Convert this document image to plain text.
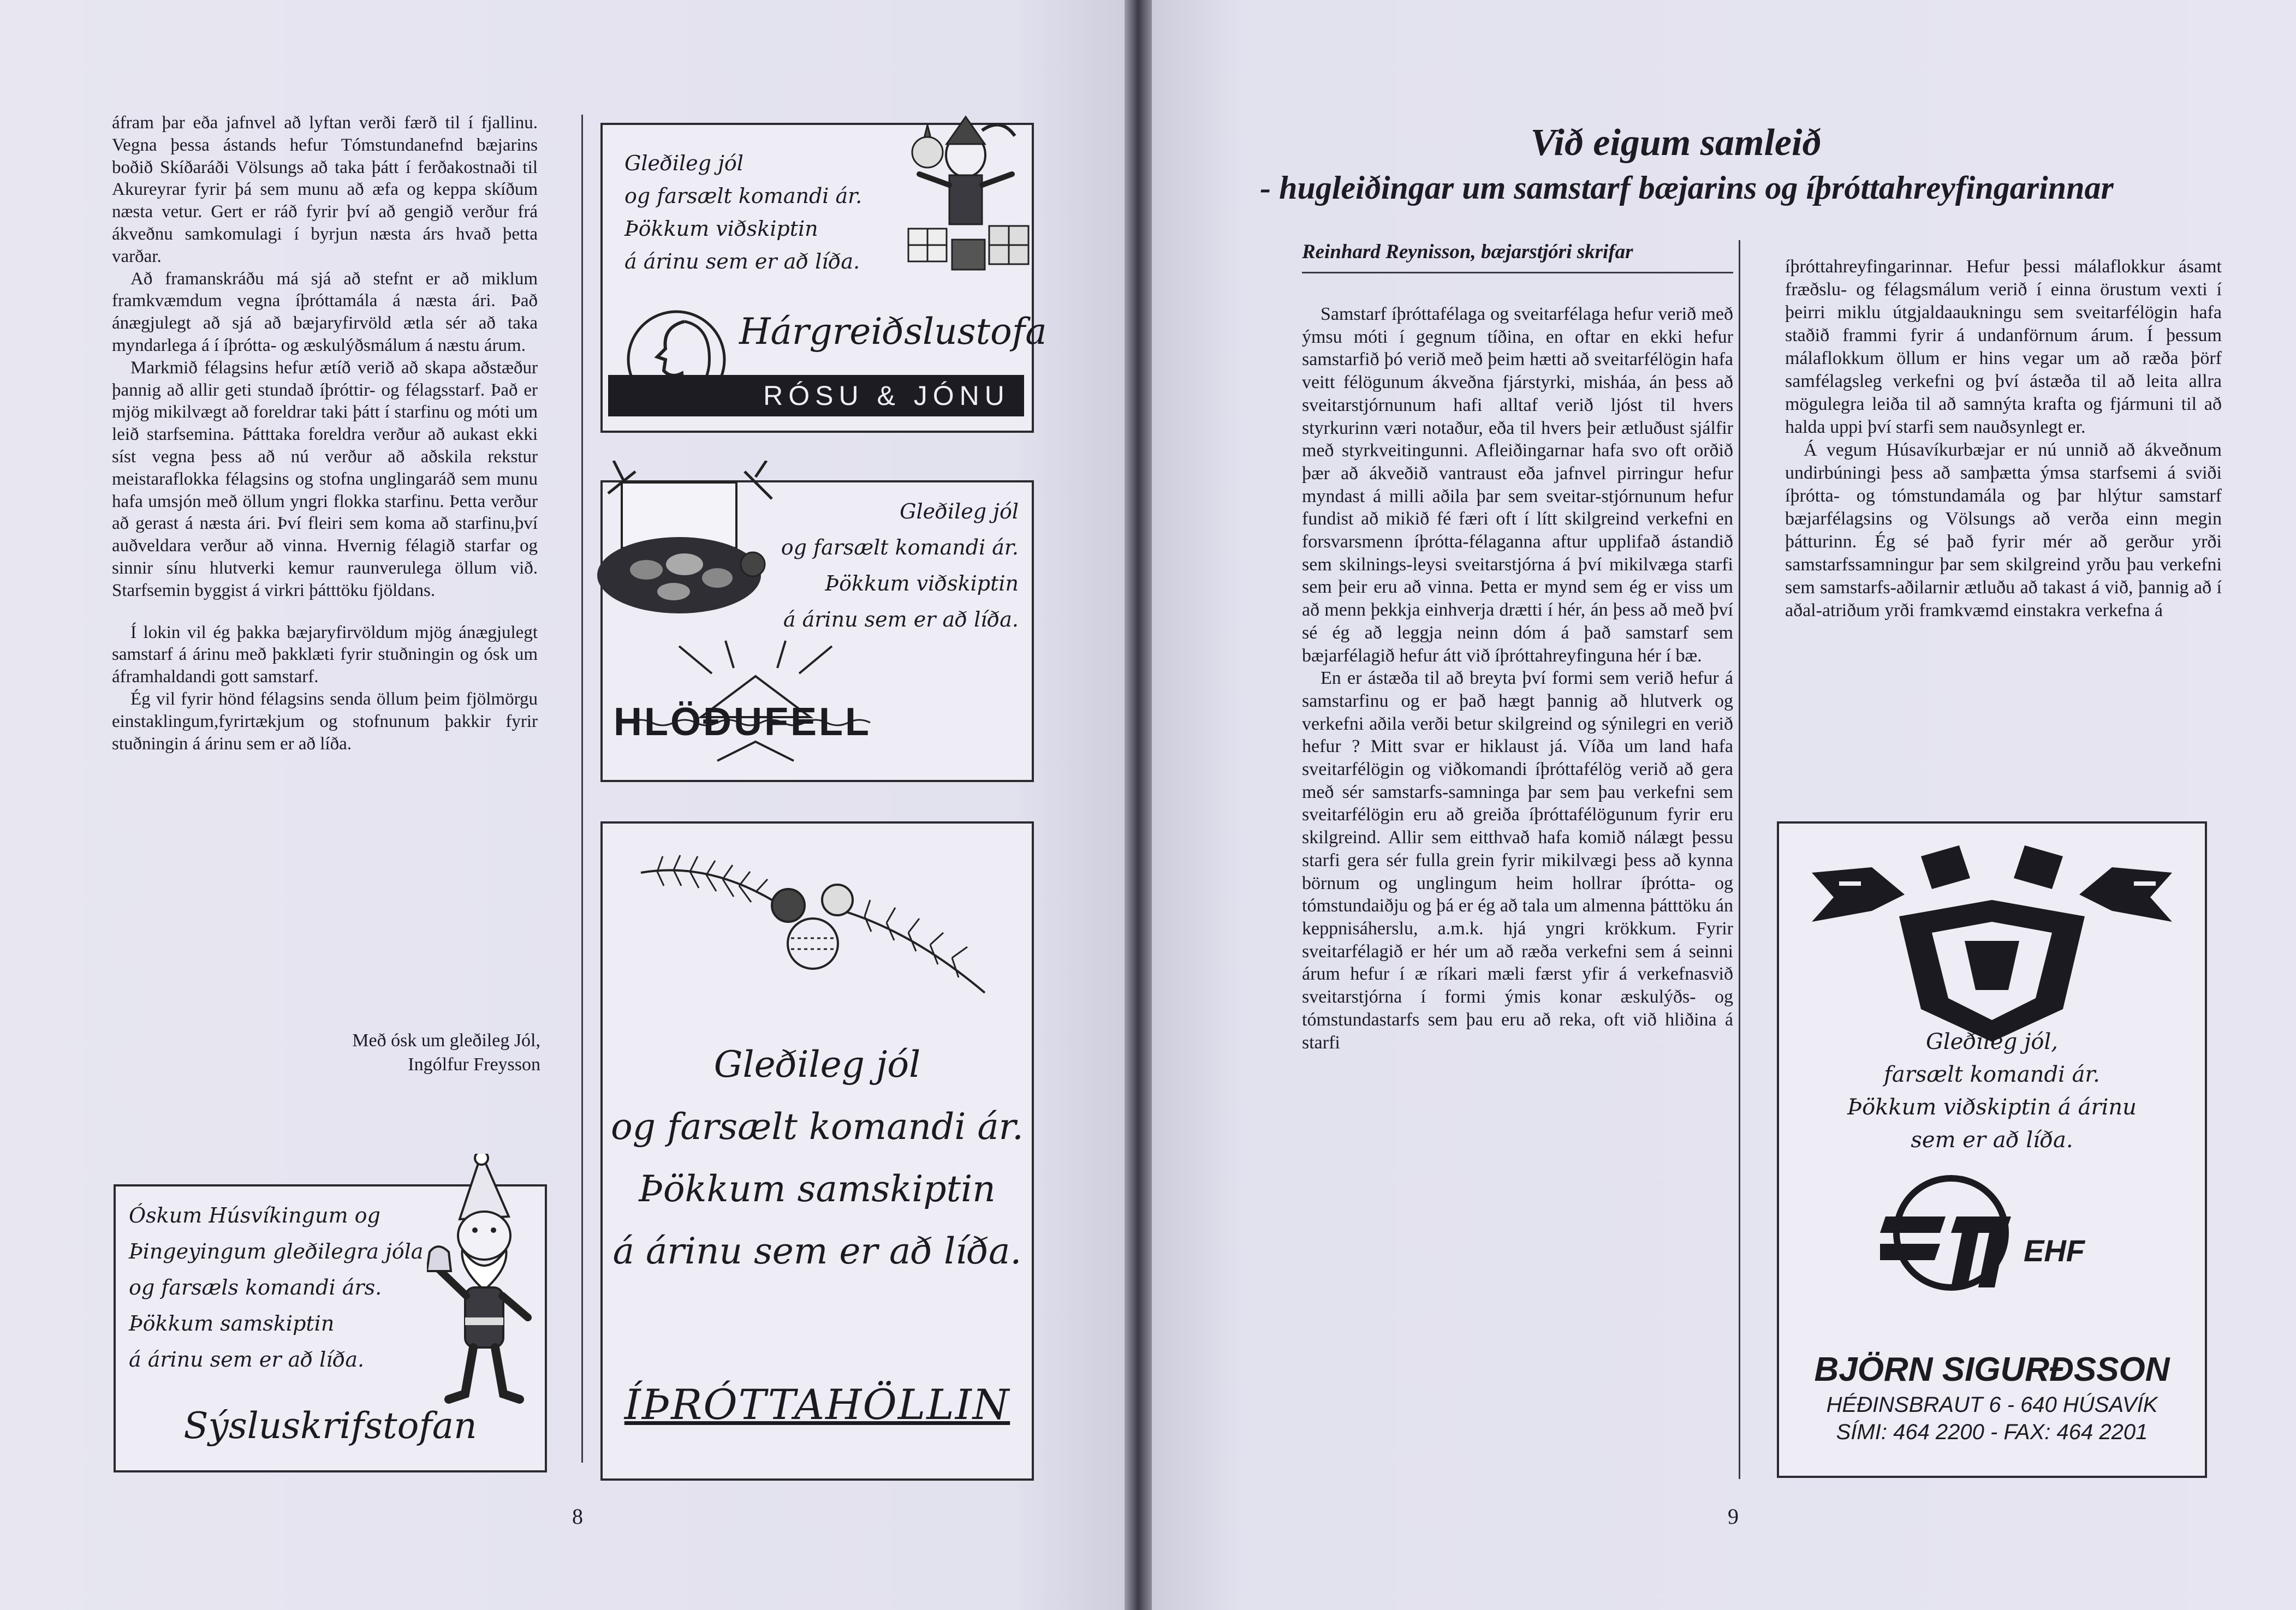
áfram þar eða jafnvel að lyftan verði færð til í fjallinu. Vegna þessa ástands hefur Tómstundanefnd bæjarins boðið Skíðaráði Völsungs að taka þátt í ferðakostnaði til Akureyrar fyrir þá sem munu að æfa og keppa skíðum næsta vetur. Gert er ráð fyrir því að gengið verður frá ákveðnu samkomulagi í byrjun næsta árs hvað þetta varðar.

Að framanskráðu má sjá að stefnt er að miklum framkvæmdum vegna íþróttamála á næsta ári. Það ánægjulegt að sjá að bæjaryfirvöld ætla sér að taka myndarlega á í íþrótta- og æskulýðsmálum á næstu árum.

Markmið félagsins hefur ætíð verið að skapa aðstæður þannig að allir geti stundað íþróttir- og félagsstarf. Það er mjög mikilvægt að foreldrar taki þátt í starfinu og móti um leið starfsemina. Þátttaka foreldra verður að aukast ekki síst vegna þess að nú verður að aðskila rekstur meistaraflokka félagsins og stofna unglingaráð sem munu hafa umsjón með öllum yngri flokka starfinu. Þetta verður að gerast á næsta ári. Því fleiri sem koma að starfinu,því auðveldara verður að vinna. Hvernig félagið starfar og sinnir sínu hlutverki kemur raunverulega öllum við. Starfsemin byggist á virkri þátttöku fjöldans.

Í lokin vil ég þakka bæjaryfirvöldum mjög ánægjulegt samstarf á árinu með þakklæti fyrir stuðningin og ósk um áframhaldandi gott samstarf.

Ég vil fyrir hönd félagsins senda öllum þeim fjölmörgu einstaklingum,fyrirtækjum og stofnunum þakkir fyrir stuðningin á árinu sem er að líða.

Með ósk um gleðileg Jól,
Ingólfur Freysson
Óskum Húsvíkingum og
Þingeyingum gleðilegra jóla
og farsæls komandi árs.
Þökkum samskiptin
á árinu sem er að líða.
Sýsluskrifstofan
Gleðileg jól
og farsælt komandi ár.
Þökkum viðskiptin
á árinu sem er að líða.
Hárgreiðslustofa
RÓSU & JÓNU
Gleðileg jól
og farsælt komandi ár.
Þökkum viðskiptin
á árinu sem er að líða.
HLÖÐUFELL
Gleðileg jól
og farsælt komandi ár.
Þökkum samskiptin
á árinu sem er að líða.
ÍÞRÓTTAHÖLLIN
8
Við eigum samleið
- hugleiðingar um samstarf bæjarins og íþróttahreyfingarinnar
Reinhard Reynisson, bæjarstjóri skrifar

Samstarf íþróttafélaga og sveitarfélaga hefur verið með ýmsu móti í gegnum tíðina, en oftar en ekki hefur samstarfið þó verið með þeim hætti að sveitarfélögin hafa veitt félögunum ákveðna fjárstyrki, misháa, án þess að sveitarstjórnunum hafi alltaf verið ljóst til hvers styrkurinn væri notaður, eða til hvers þeir ætluðust sjálfir með styrkveitingunni. Afleiðingarnar hafa svo oft orðið þær að ákveðið vantraust eða jafnvel pirringur hefur myndast á milli aðila þar sem sveitar-stjórnunum hefur fundist að mikið fé færi oft í lítt skilgreind verkefni en forsvarsmenn íþrótta-félaganna aftur upplifað ástandið sem skilnings-leysi sveitarstjórna á því mikilvæga starfi sem þeir eru að vinna. Þetta er mynd sem ég er viss um að menn þekkja einhverja drætti í hér, án þess að með því sé ég að leggja neinn dóm á það samstarf sem bæjarfélagið hefur átt við íþróttahreyfinguna hér í bæ.

En er ástæða til að breyta því formi sem verið hefur á samstarfinu og er það hægt þannig að hlutverk og verkefni aðila verði betur skilgreind og sýnilegri en verið hefur ? Mitt svar er hiklaust já. Víða um land hafa sveitarfélögin og viðkomandi íþróttafélög verið að gera með sér samstarfs-samninga þar sem þau verkefni sem sveitarfélögin eru að greiða íþróttafélögunum fyrir eru skilgreind. Allir sem eitthvað hafa komið nálægt þessu starfi gera sér fulla grein fyrir mikilvægi þess að kynna börnum og unglingum heim hollrar íþrótta- og tómstundaiðju og þá er ég að tala um almenna þátttöku án keppnisáherslu, a.m.k. hjá yngri krökkum. Fyrir sveitarfélagið er hér um að ræða verkefni sem á seinni árum hefur í æ ríkari mæli færst yfir á verkefnasvið sveitarstjórna í formi ýmis konar æskulýðs- og tómstundastarfs sem þau eru að reka, oft við hliðina á starfi

íþróttahreyfingarinnar. Hefur þessi málaflokkur ásamt fræðslu- og félagsmálum verið í einna örustum vexti í þeirri miklu útgjaldaaukningu sem sveitarfélögin hafa staðið frammi fyrir á undanförnum árum. Í þessum málaflokkum öllum er hins vegar um að ræða þörf samfélagsleg verkefni og því ástæða til að leita allra mögulegra leiða til að samnýta krafta og fjármuni til að halda uppi því starfi sem nauðsynlegt er.

Á vegum Húsavíkurbæjar er nú unnið að ákveðnum undirbúningi þess að samþætta ýmsa starfsemi á sviði íþrótta- og tómstundamála og þar hlýtur samstarf bæjarfélagsins og Völsungs að verða einn megin þátturinn. Ég sé það fyrir mér að gerður yrði samstarfssamningur þar sem skilgreind yrðu þau verkefni sem samstarfs-aðilarnir ætluðu að takast á við, þannig að í aðal-atriðum yrði framkvæmd einstakra verkefna á

Gleðileg jól,
farsælt komandi ár.
Þökkum viðskiptin á árinu
sem er að líða.
EHF
BJÖRN SIGURÐSSON
HÉÐINSBRAUT 6 - 640 HÚSAVÍK
SÍMI: 464 2200 - FAX: 464 2201
9
